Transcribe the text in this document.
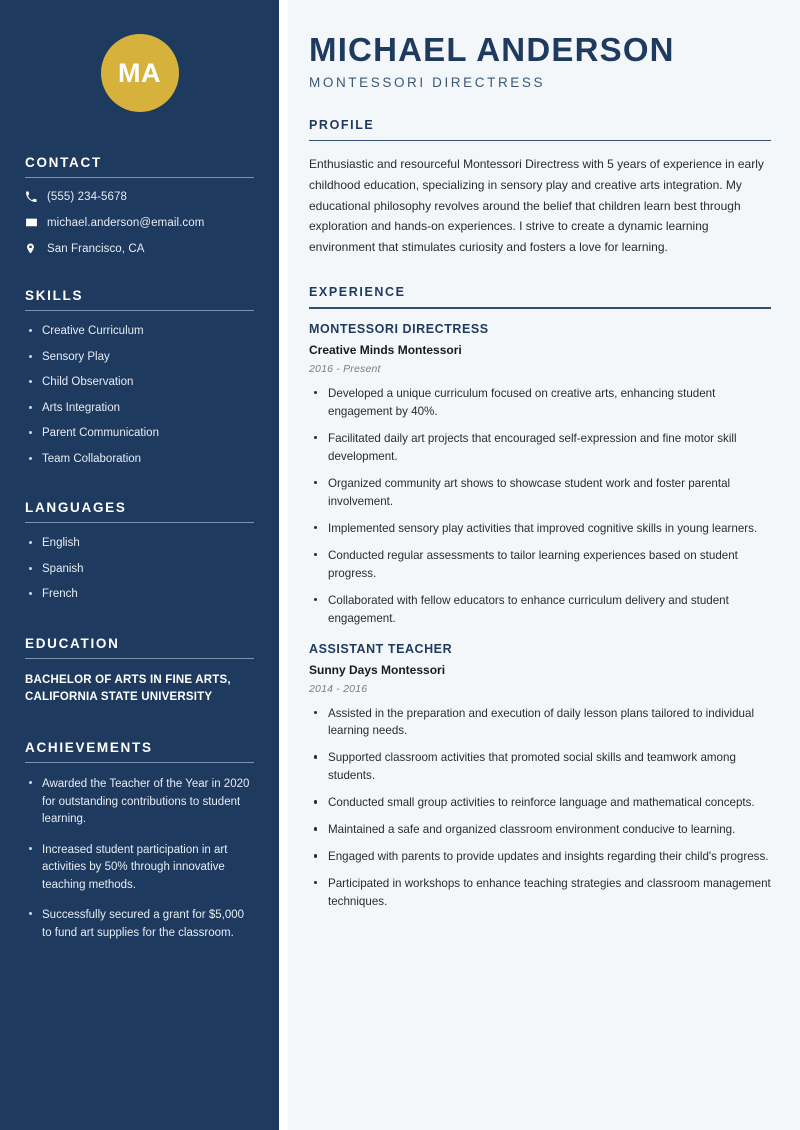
MA
CONTACT
(555) 234-5678
michael.anderson@email.com
San Francisco, CA
SKILLS
Creative Curriculum
Sensory Play
Child Observation
Arts Integration
Parent Communication
Team Collaboration
LANGUAGES
English
Spanish
French
EDUCATION
BACHELOR OF ARTS IN FINE ARTS,
CALIFORNIA STATE UNIVERSITY
ACHIEVEMENTS
Awarded the Teacher of the Year in 2020 for outstanding contributions to student learning.
Increased student participation in art activities by 50% through innovative teaching methods.
Successfully secured a grant for $5,000 to fund art supplies for the classroom.
MICHAEL ANDERSON
MONTESSORI DIRECTRESS
PROFILE

Enthusiastic and resourceful Montessori Directress with 5 years of experience in early childhood education, specializing in sensory play and creative arts integration. My educational philosophy revolves around the belief that children learn best through exploration and hands-on experiences. I strive to create a dynamic learning environment that stimulates curiosity and fosters a love for learning.

EXPERIENCE
MONTESSORI DIRECTRESS
Creative Minds Montessori
2016 - Present
Developed a unique curriculum focused on creative arts, enhancing student engagement by 40%.
Facilitated daily art projects that encouraged self-expression and fine motor skill development.
Organized community art shows to showcase student work and foster parental involvement.
Implemented sensory play activities that improved cognitive skills in young learners.
Conducted regular assessments to tailor learning experiences based on student progress.
Collaborated with fellow educators to enhance curriculum delivery and student engagement.
ASSISTANT TEACHER
Sunny Days Montessori
2014 - 2016
Assisted in the preparation and execution of daily lesson plans tailored to individual learning needs.
Supported classroom activities that promoted social skills and teamwork among students.
Conducted small group activities to reinforce language and mathematical concepts.
Maintained a safe and organized classroom environment conducive to learning.
Engaged with parents to provide updates and insights regarding their child's progress.
Participated in workshops to enhance teaching strategies and classroom management techniques.
